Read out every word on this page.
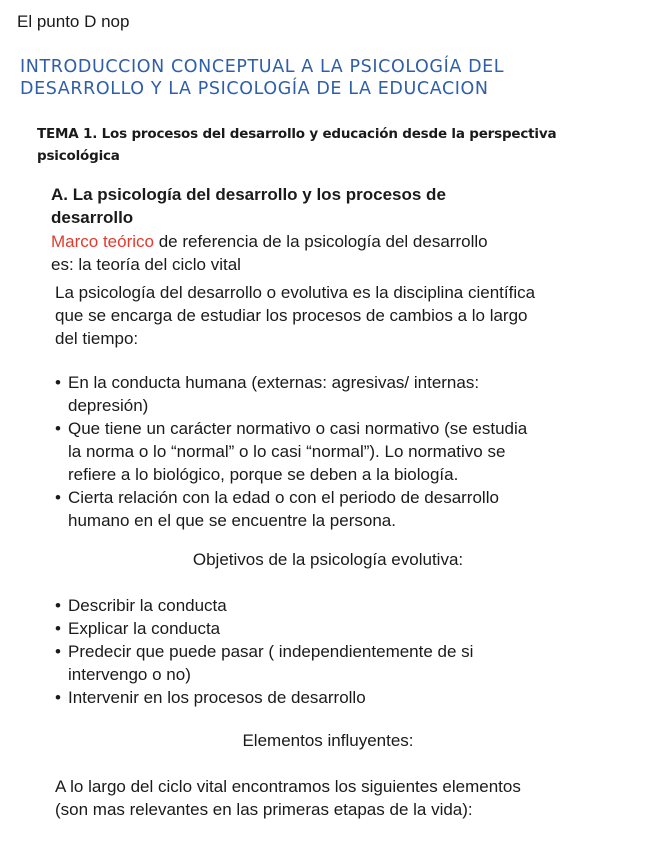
El punto D nop
INTRODUCCION CONCEPTUAL A LA PSICOLOGÍA DEL
DESARROLLO Y LA PSICOLOGÍA DE LA EDUCACION
TEMA 1. Los procesos del desarrollo y educación desde la perspectiva
psicológica
A. La psicología del desarrollo y los procesos de
desarrollo
Marco teórico de referencia de la psicología del desarrollo
es: la teoría del ciclo vital
La psicología del desarrollo o evolutiva es la disciplina científica
que se encarga de estudiar los procesos de cambios a lo largo
del tiempo:
• En la conducta humana (externas: agresivas/ internas:
depresión)
• Que tiene un carácter normativo o casi normativo (se estudia
la norma o lo “normal” o lo casi “normal”). Lo normativo se
refiere a lo biológico, porque se deben a la biología.
• Cierta relación con la edad o con el periodo de desarrollo
humano en el que se encuentre la persona.
Objetivos de la psicología evolutiva:
• Describir la conducta
• Explicar la conducta
• Predecir que puede pasar ( independientemente de si
intervengo o no)
• Intervenir en los procesos de desarrollo
Elementos influyentes:
A lo largo del ciclo vital encontramos los siguientes elementos
(son mas relevantes en las primeras etapas de la vida):
